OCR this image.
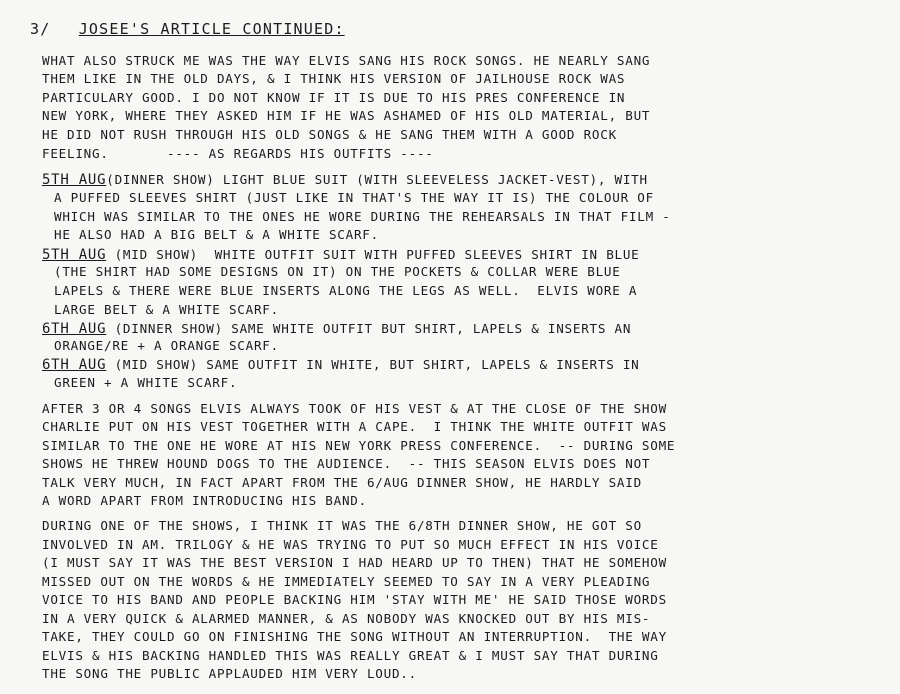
3/ JOSEE'S ARTICLE CONTINUED:
WHAT ALSO STRUCK ME WAS THE WAY ELVIS SANG HIS ROCK SONGS. HE NEARLY SANG
THEM LIKE IN THE OLD DAYS, & I THINK HIS VERSION OF JAILHOUSE ROCK WAS
PARTICULARY GOOD. I DO NOT KNOW IF IT IS DUE TO HIS PRES CONFERENCE IN
NEW YORK, WHERE THEY ASKED HIM IF HE WAS ASHAMED OF HIS OLD MATERIAL, BUT
HE DID NOT RUSH THROUGH HIS OLD SONGS & HE SANG THEM WITH A GOOD ROCK
FEELING.       ---- AS REGARDS HIS OUTFITS ----
5TH AUG(DINNER SHOW) LIGHT BLUE SUIT (WITH SLEEVELESS JACKET-VEST), WITH
A PUFFED SLEEVES SHIRT (JUST LIKE IN THAT'S THE WAY IT IS) THE COLOUR OF
WHICH WAS SIMILAR TO THE ONES HE WORE DURING THE REHEARSALS IN THAT FILM -
HE ALSO HAD A BIG BELT & A WHITE SCARF.
5TH AUG (MID SHOW)  WHITE OUTFIT SUIT WITH PUFFED SLEEVES SHIRT IN BLUE
(THE SHIRT HAD SOME DESIGNS ON IT) ON THE POCKETS & COLLAR WERE BLUE
LAPELS & THERE WERE BLUE INSERTS ALONG THE LEGS AS WELL.  ELVIS WORE A
LARGE BELT & A WHITE SCARF.
6TH AUG (DINNER SHOW) SAME WHITE OUTFIT BUT SHIRT, LAPELS & INSERTS AN
ORANGE/RE + A ORANGE SCARF.
6TH AUG (MID SHOW) SAME OUTFIT IN WHITE, BUT SHIRT, LAPELS & INSERTS IN
GREEN + A WHITE SCARF.
AFTER 3 OR 4 SONGS ELVIS ALWAYS TOOK OF HIS VEST & AT THE CLOSE OF THE SHOW
CHARLIE PUT ON HIS VEST TOGETHER WITH A CAPE.  I THINK THE WHITE OUTFIT WAS
SIMILAR TO THE ONE HE WORE AT HIS NEW YORK PRESS CONFERENCE.  -- DURING SOME
SHOWS HE THREW HOUND DOGS TO THE AUDIENCE.  -- THIS SEASON ELVIS DOES NOT
TALK VERY MUCH, IN FACT APART FROM THE 6/AUG DINNER SHOW, HE HARDLY SAID
A WORD APART FROM INTRODUCING HIS BAND.
DURING ONE OF THE SHOWS, I THINK IT WAS THE 6/8TH DINNER SHOW, HE GOT SO
INVOLVED IN AM. TRILOGY & HE WAS TRYING TO PUT SO MUCH EFFECT IN HIS VOICE
(I MUST SAY IT WAS THE BEST VERSION I HAD HEARD UP TO THEN) THAT HE SOMEHOW
MISSED OUT ON THE WORDS & HE IMMEDIATELY SEEMED TO SAY IN A VERY PLEADING
VOICE TO HIS BAND AND PEOPLE BACKING HIM 'STAY WITH ME' HE SAID THOSE WORDS
IN A VERY QUICK & ALARMED MANNER, & AS NOBODY WAS KNOCKED OUT BY HIS MIS-
TAKE, THEY COULD GO ON FINISHING THE SONG WITHOUT AN INTERRUPTION.  THE WAY
ELVIS & HIS BACKING HANDLED THIS WAS REALLY GREAT & I MUST SAY THAT DURING
THE SONG THE PUBLIC APPLAUDED HIM VERY LOUD..
